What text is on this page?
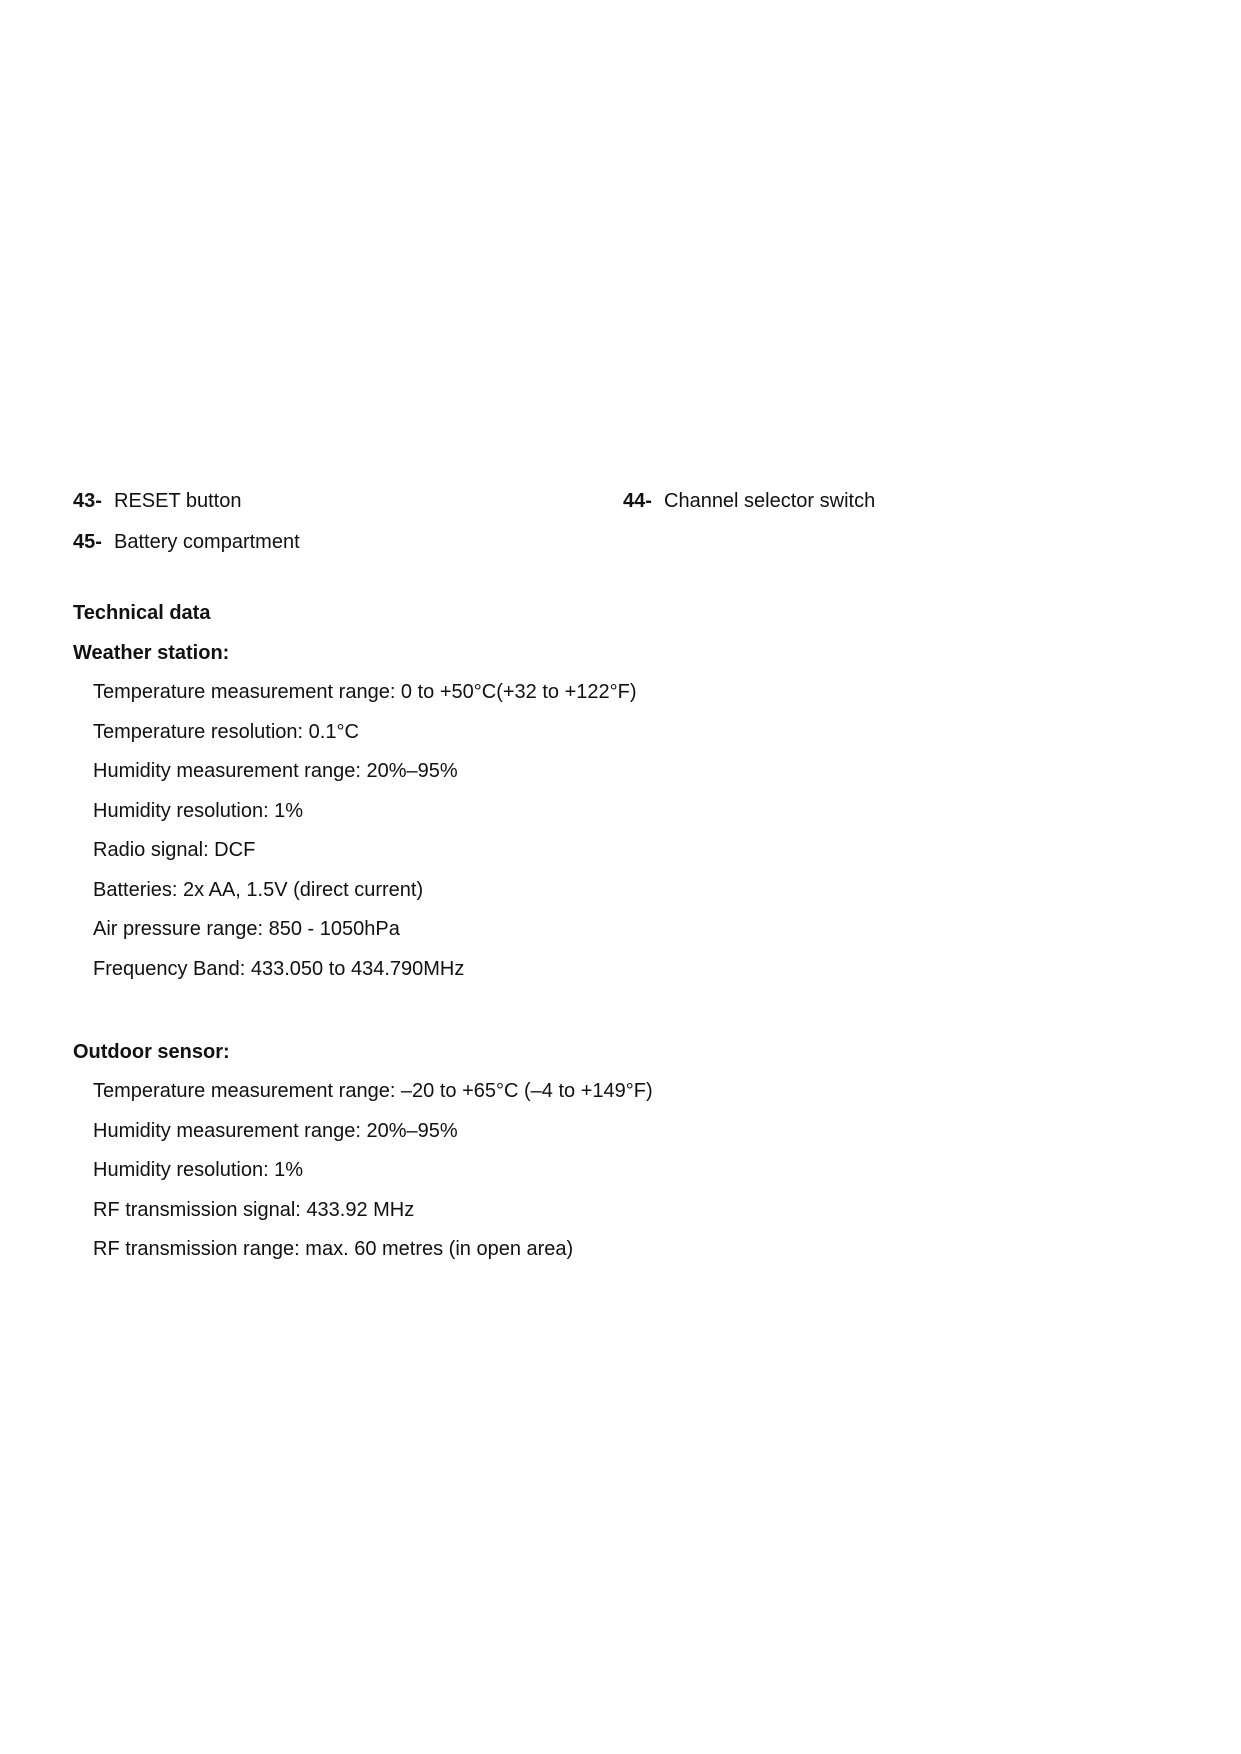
43- RESET button	44- Channel selector switch
45- Battery compartment
Technical data
Weather station:
Temperature measurement range: 0 to +50°C(+32 to +122°F)
Temperature resolution: 0.1°C
Humidity measurement range: 20%–95%
Humidity resolution: 1%
Radio signal: DCF
Batteries: 2x AA, 1.5V (direct current)
Air pressure range: 850 - 1050hPa
Frequency Band: 433.050 to 434.790MHz
Outdoor sensor:
Temperature measurement range: –20 to +65°C (–4 to +149°F)
Humidity measurement range: 20%–95%
Humidity resolution: 1%
RF transmission signal: 433.92 MHz
RF transmission range: max. 60 metres (in open area)
